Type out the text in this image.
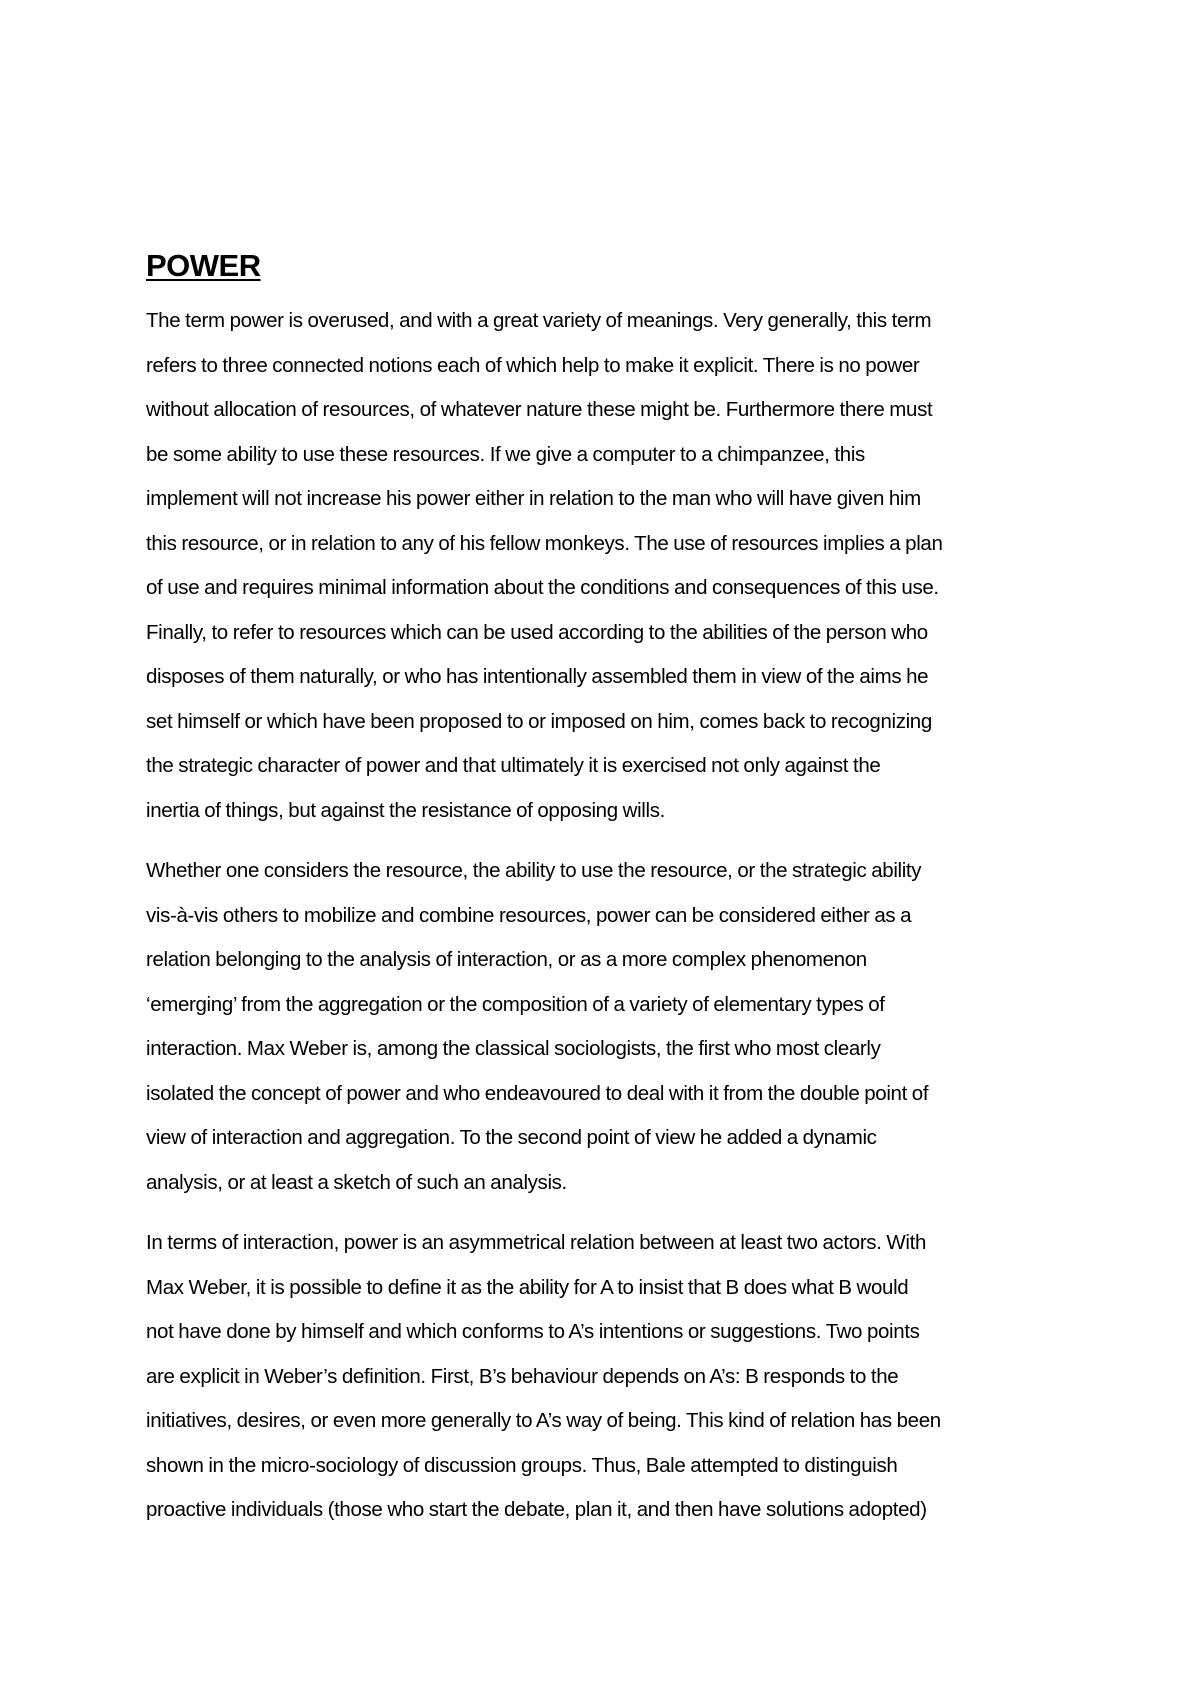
POWER
The term power is overused, and with a great variety of meanings. Very generally, this term
refers to three connected notions each of which help to make it explicit. There is no power
without allocation of resources, of whatever nature these might be. Furthermore there must
be some ability to use these resources. If we give a computer to a chimpanzee, this
implement will not increase his power either in relation to the man who will have given him
this resource, or in relation to any of his fellow monkeys. The use of resources implies a plan
of use and requires minimal information about the conditions and consequences of this use.
Finally, to refer to resources which can be used according to the abilities of the person who
disposes of them naturally, or who has intentionally assembled them in view of the aims he
set himself or which have been proposed to or imposed on him, comes back to recognizing
the strategic character of power and that ultimately it is exercised not only against the
inertia of things, but against the resistance of opposing wills.
Whether one considers the resource, the ability to use the resource, or the strategic ability
vis-à-vis others to mobilize and combine resources, power can be considered either as a
relation belonging to the analysis of interaction, or as a more complex phenomenon
‘emerging’ from the aggregation or the composition of a variety of elementary types of
interaction. Max Weber is, among the classical sociologists, the first who most clearly
isolated the concept of power and who endeavoured to deal with it from the double point of
view of interaction and aggregation. To the second point of view he added a dynamic
analysis, or at least a sketch of such an analysis.
In terms of interaction, power is an asymmetrical relation between at least two actors. With
Max Weber, it is possible to define it as the ability for A to insist that B does what B would
not have done by himself and which conforms to A’s intentions or suggestions. Two points
are explicit in Weber’s definition. First, B’s behaviour depends on A’s: B responds to the
initiatives, desires, or even more generally to A’s way of being. This kind of relation has been
shown in the micro-sociology of discussion groups. Thus, Bale attempted to distinguish
proactive individuals (those who start the debate, plan it, and then have solutions adopted)
